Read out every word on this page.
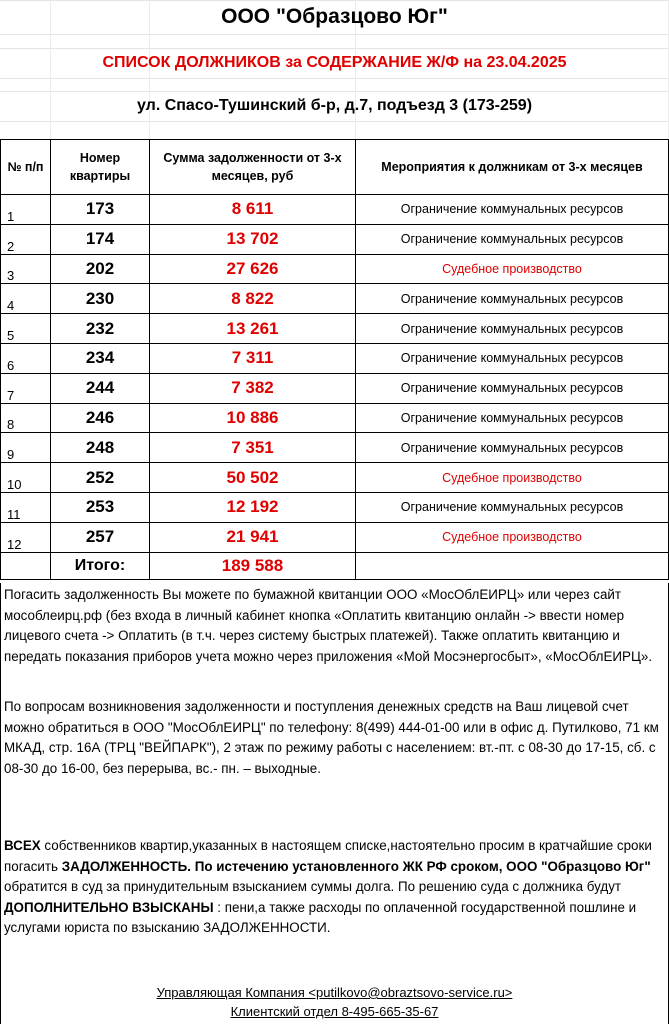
ООО "Образцово Юг"
СПИСОК ДОЛЖНИКОВ за СОДЕРЖАНИЕ Ж/Ф на 23.04.2025
ул. Спасо-Тушинский б-р, д.7, подъезд 3 (173-259)
№ п/п	Номер квартиры	Сумма задолженности от 3-х месяцев, руб	Мероприятия к должникам от 3-х месяцев
1	173	8 611	Ограничение коммунальных ресурсов
2	174	13 702	Ограничение коммунальных ресурсов
3	202	27 626	Судебное производство
4	230	8 822	Ограничение коммунальных ресурсов
5	232	13 261	Ограничение коммунальных ресурсов
6	234	7 311	Ограничение коммунальных ресурсов
7	244	7 382	Ограничение коммунальных ресурсов
8	246	10 886	Ограничение коммунальных ресурсов
9	248	7 351	Ограничение коммунальных ресурсов
10	252	50 502	Судебное производство
11	253	12 192	Ограничение коммунальных ресурсов
12	257	21 941	Судебное производство
	Итого:	189 588	
Погасить задолженность Вы можете по бумажной квитанции ООО «МосОблЕИРЦ» или через сайт мособлеирц.рф (без входа в личный кабинет кнопка «Оплатить квитанцию онлайн -> ввести номер лицевого счета -> Оплатить (в т.ч. через систему быстрых платежей). Также оплатить квитанцию и передать показания приборов учета можно через приложения «Мой Мосэнергосбыт», «МосОблЕИРЦ».
По вопросам возникновения задолженности и поступления денежных средств на Ваш лицевой счет можно обратиться в ООО "МосОблЕИРЦ" по телефону: 8(499) 444-01-00 или в офис д. Путилково, 71 км МКАД, стр. 16А (ТРЦ "ВЕЙПАРК"), 2 этаж по режиму работы с населением: вт.-пт. с 08-30 до 17-15, сб. с 08-30 до 16-00, без перерыва, вс.- пн. – выходные.
ВСЕХ собственников квартир,указанных в настоящем списке,настоятельно просим в кратчайшие сроки погасить ЗАДОЛЖЕННОСТЬ. По истечению установленного ЖК РФ сроком, ООО "Образцово Юг" обратится в суд за принудительным взысканием суммы долга. По решению суда с должника будут ДОПОЛНИТЕЛЬНО ВЗЫСКАНЫ : пени,а также расходы по оплаченной государственной пошлине и услугами юриста по взысканию ЗАДОЛЖЕННОСТИ.
Управляющая Компания <putilkovo@obraztsovo-service.ru>
Клиентский отдел 8-495-665-35-67
